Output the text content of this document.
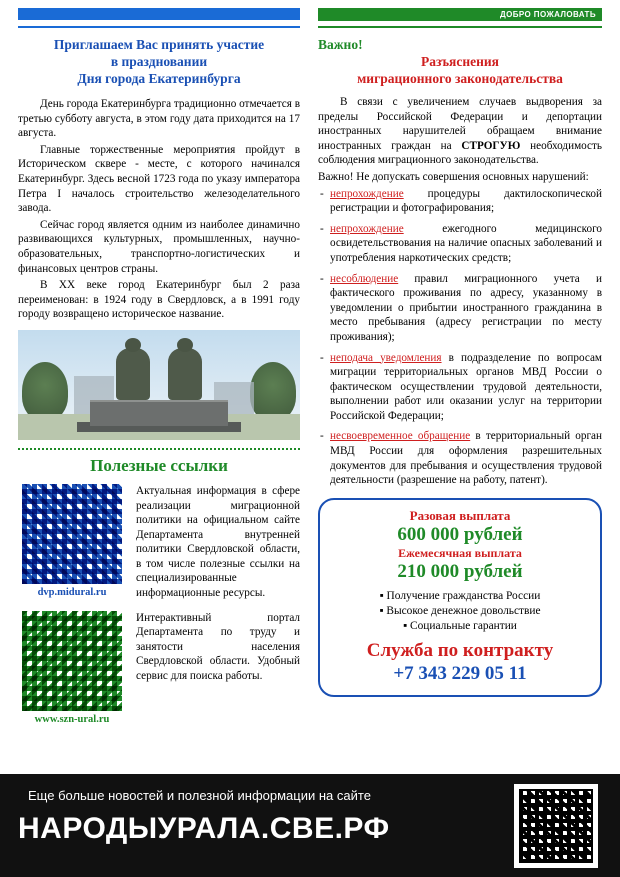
ДОБРО ПОЖАЛОВАТЬ
Приглашаем Вас принять участие
в праздновании
Дня города Екатеринбурга

День города Екатеринбурга традиционно отмечается в третью субботу августа, в этом году дата приходится на 17 августа.

Главные торжественные мероприятия пройдут в Историческом сквере - месте, с которого начинался Екатеринбург. Здесь весной 1723 года по указу императора Петра I началось строительство железоделательного завода.

Сейчас город является одним из наиболее динамично развивающихся культурных, промышленных, научно-образовательных, транспортно-логистических и финансовых центров страны.

В XX веке город Екатеринбург был 2 раза переименован: в 1924 году в Свердловск, а в 1991 году городу возвращено историческое название.

Полезные ссылки
dvp.midural.ru
Актуальная информация в сфере реализации миграционной политики на официальном сайте Департамента внутренней политики Свердловской области, в том числе полезные ссылки на специализированные информационные ресурсы.
www.szn-ural.ru
Интерактивный портал Департамента по труду и занятости населения Свердловской области. Удобный сервис для поиска работы.
Важно!
Разъяснения
миграционного законодательства

В связи с увеличением случаев выдворения за пределы Российской Федерации и депортации иностранных нарушителей обращаем внимание иностранных граждан на СТРОГУЮ необходимость соблюдения миграционного законодательства.

Важно! Не допускать совершения основных нарушений:

- непрохождение процедуры дактилоскопической регистрации и фотографирования;
- непрохождение ежегодного медицинского освидетельствования на наличие опасных заболеваний и употребления наркотических средств;
- несоблюдение правил миграционного учета и фактического проживания по адресу, указанному в уведомлении о прибытии иностранного гражданина в место пребывания (адресу регистрации по месту проживания);
- неподача уведомления в подразделение по вопросам миграции территориальных органов МВД России о фактическом осуществлении трудовой деятельности, выполнении работ или оказании услуг на территории Российской Федерации;
- несвоевременное обращение в территориальный орган МВД России для оформления разрешительных документов для пребывания и осуществления трудовой деятельности (разрешение на работу, патент).
Разовая выплата
600 000 рублей
Ежемесячная выплата
210 000 рублей
▪ Получение гражданства России
▪ Высокое денежное довольствие
▪ Социальные гарантии
Служба по контракту
+7 343 229 05 11
Еще больше новостей и полезной информации на сайте
НАРОДЫУРАЛА.СВЕ.РФ
